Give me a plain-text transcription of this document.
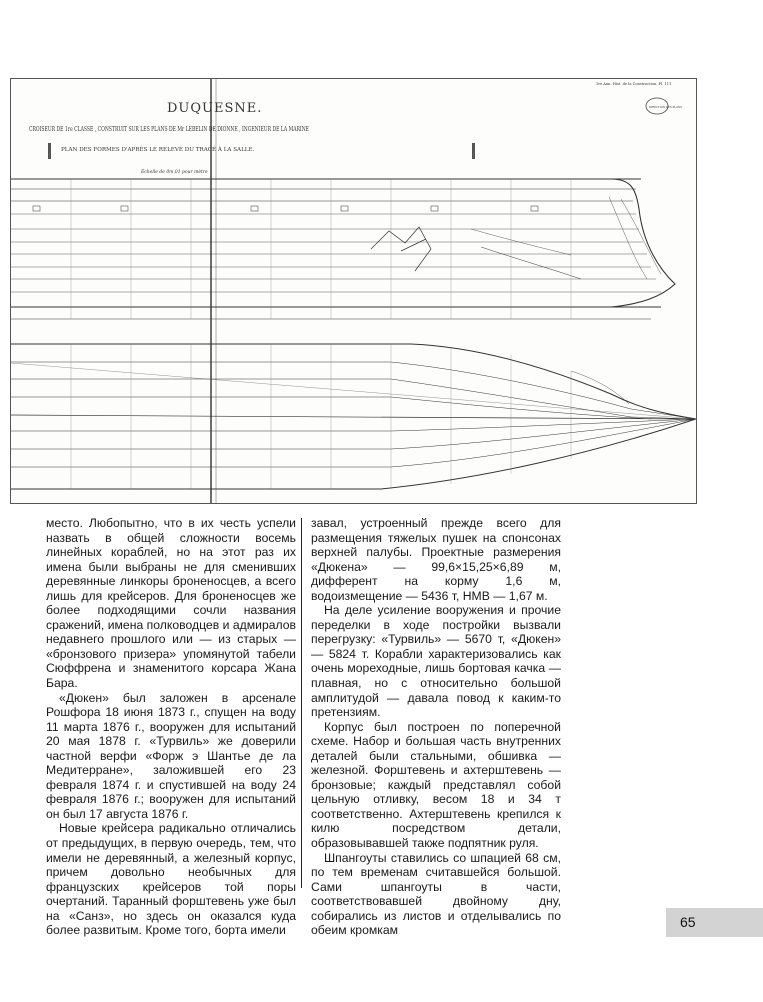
DUQUESNE.
CROISEUR DE 1re CLASSE , CONSTRUIT SUR LES PLANS DE Mr LEBELIN DE DIONNE , INGENIEUR DE LA MARINE
PLAN DES FORMES D'APRÈS LE RELEVÉ DU TRACÉ À LA SALLE.
Échelle de 0m,01 pour mètre
1re Ann. Hist. de la Construction. Pl. 111
DIRECTION DES PLANS

место. Любопытно, что в их честь успели назвать в общей сложности восемь линейных кораблей, но на этот раз их имена были выбраны не для сменивших деревянные линкоры броненосцев, а всего лишь для крейсеров. Для броненосцев же более подходящими сочли названия сражений, имена полководцев и адмиралов недавнего прошлого или — из старых — «бронзового призера» упомянутой табели Сюффрена и знаменитого корсара Жана Бара.

«Дюкен» был заложен в арсенале Рошфора 18 июня 1873 г., спущен на воду 11 марта 1876 г., вооружен для испытаний 20 мая 1878 г. «Турвиль» же доверили частной верфи «Форж э Шантье де ла Медитерране», заложившей его 23 февраля 1874 г. и спустившей на воду 24 февраля 1876 г.; вооружен для испытаний он был 17 августа 1876 г.

Новые крейсера радикально отличались от предыдущих, в первую очередь, тем, что имели не деревянный, а железный корпус, причем довольно необычных для французских крейсеров той поры очертаний. Таранный форштевень уже был на «Санз», но здесь он оказался куда более развитым. Кроме того, борта имели

завал, устроенный прежде всего для размещения тяжелых пушек на спонсонах верхней палубы. Проектные размерения «Дюкена» — 99,6×15,25×6,89 м, дифферент на корму 1,6 м, водоизмещение — 5436 т, НМВ — 1,67 м.

На деле усиление вооружения и прочие переделки в ходе постройки вызвали перегрузку: «Турвиль» — 5670 т, «Дюкен» — 5824 т. Корабли характеризовались как очень мореходные, лишь бортовая качка — плавная, но с относительно большой амплитудой — давала повод к каким-то претензиям.

Корпус был построен по поперечной схеме. Набор и большая часть внутренних деталей были стальными, обшивка — железной. Форштевень и ахтерштевень — бронзовые; каждый представлял собой цельную отливку, весом 18 и 34 т соответственно. Ахтерштевень крепился к килю посредством детали, образовывавшей также подпятник руля.

Шпангоуты ставились со шпацией 68 см, по тем временам считавшейся большой. Сами шпангоуты в части, соответствовавшей двойному дну, собирались из листов и отделывались по обеим кромкам

65
